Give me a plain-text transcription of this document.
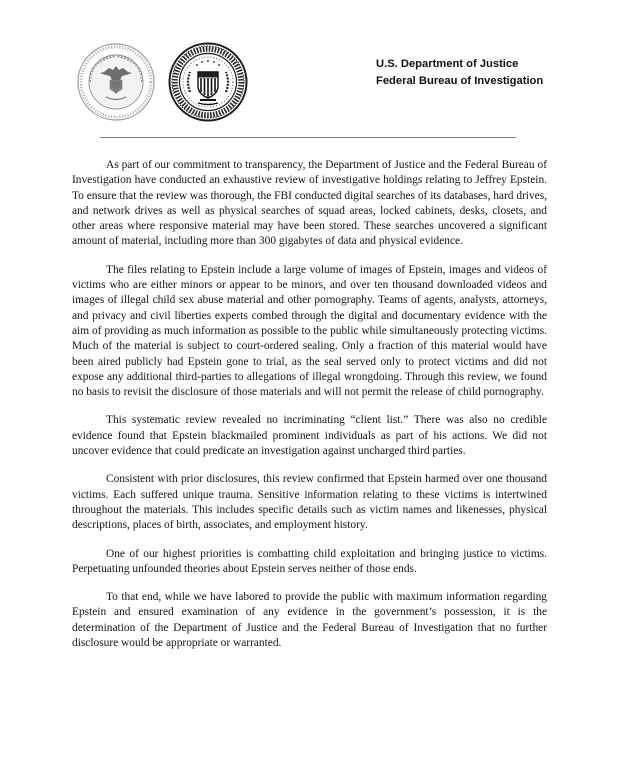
U.S. Department of Justice
Federal Bureau of Investigation

As part of our commitment to transparency, the Department of Justice and the Federal Bureau of Investigation have conducted an exhaustive review of investigative holdings relating to Jeffrey Epstein. To ensure that the review was thorough, the FBI conducted digital searches of its databases, hard drives, and network drives as well as physical searches of squad areas, locked cabinets, desks, closets, and other areas where responsive material may have been stored. These searches uncovered a significant amount of material, including more than 300 gigabytes of data and physical evidence.

The files relating to Epstein include a large volume of images of Epstein, images and videos of victims who are either minors or appear to be minors, and over ten thousand downloaded videos and images of illegal child sex abuse material and other pornography. Teams of agents, analysts, attorneys, and privacy and civil liberties experts combed through the digital and documentary evidence with the aim of providing as much information as possible to the public while simultaneously protecting victims. Much of the material is subject to court-ordered sealing. Only a fraction of this material would have been aired publicly had Epstein gone to trial, as the seal served only to protect victims and did not expose any additional third-parties to allegations of illegal wrongdoing. Through this review, we found no basis to revisit the disclosure of those materials and will not permit the release of child pornography.

This systematic review revealed no incriminating “client list.” There was also no credible evidence found that Epstein blackmailed prominent individuals as part of his actions. We did not uncover evidence that could predicate an investigation against uncharged third parties.

Consistent with prior disclosures, this review confirmed that Epstein harmed over one thousand victims. Each suffered unique trauma. Sensitive information relating to these victims is intertwined throughout the materials. This includes specific details such as victim names and likenesses, physical descriptions, places of birth, associates, and employment history.

One of our highest priorities is combatting child exploitation and bringing justice to victims. Perpetuating unfounded theories about Epstein serves neither of those ends.

To that end, while we have labored to provide the public with maximum information regarding Epstein and ensured examination of any evidence in the government’s possession, it is the determination of the Department of Justice and the Federal Bureau of Investigation that no further disclosure would be appropriate or warranted.
